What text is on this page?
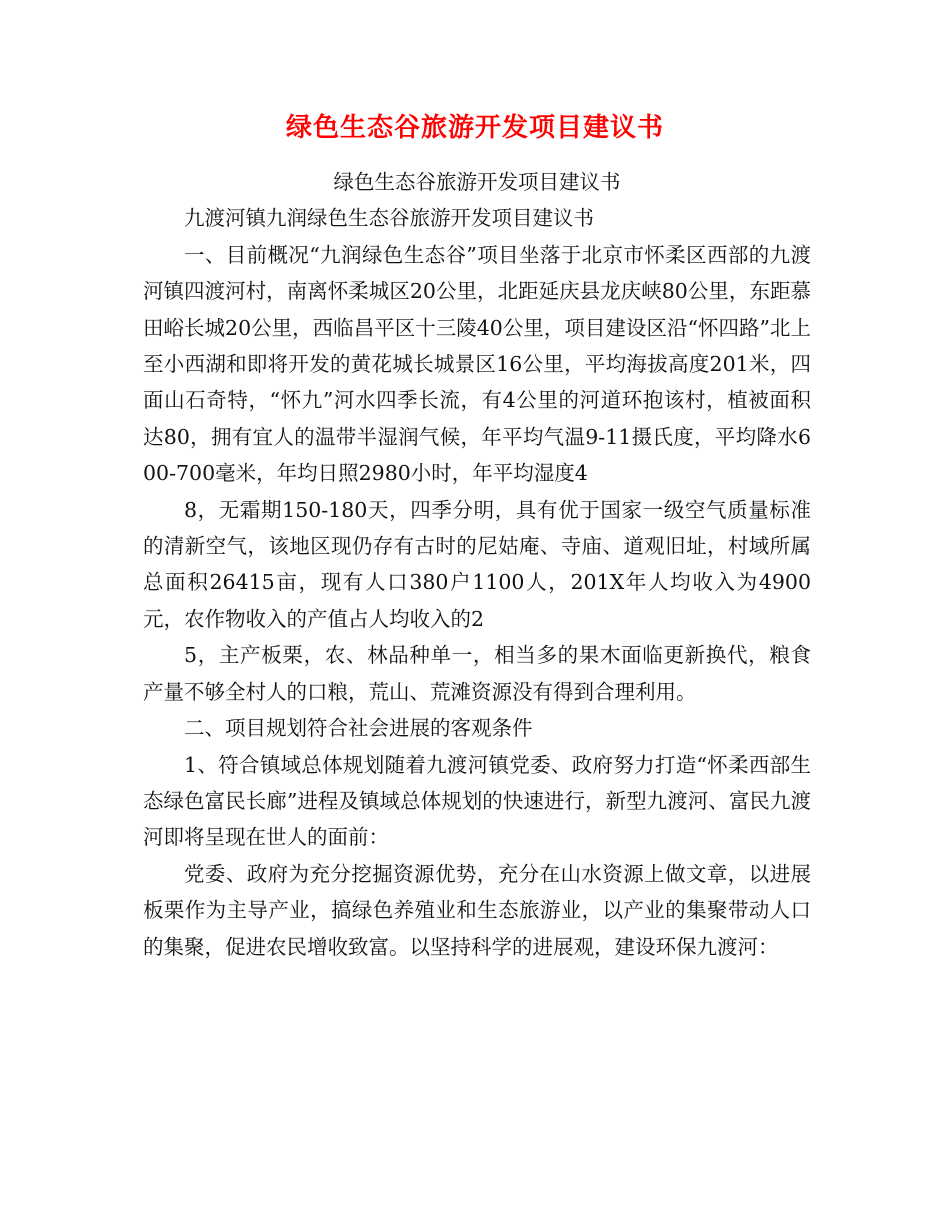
绿色生态谷旅游开发项目建议书

绿色生态谷旅游开发项目建议书

九渡河镇九润绿色生态谷旅游开发项目建议书

一、目前概况“九润绿色生态谷”项目坐落于北京市怀柔区西部的九渡河镇四渡河村，南离怀柔城区20公里，北距延庆县龙庆峡80公里，东距慕田峪长城20公里，西临昌平区十三陵40公里，项目建设区沿“怀四路”北上至小西湖和即将开发的黄花城长城景区16公里，平均海拔高度201米，四面山石奇特，“怀九”河水四季长流，有4公里的河道环抱该村，植被面积达80，拥有宜人的温带半湿润气候，年平均气温9-11摄氏度，平均降水600-700毫米，年均日照2980小时，年平均湿度4

8，无霜期150-180天，四季分明，具有优于国家一级空气质量标准的清新空气，该地区现仍存有古时的尼姑庵、寺庙、道观旧址，村域所属总面积26415亩，现有人口380户1100人，201X年人均收入为4900元，农作物收入的产值占人均收入的2

5，主产板栗，农、林品种单一，相当多的果木面临更新换代，粮食产量不够全村人的口粮，荒山、荒滩资源没有得到合理利用。

二、项目规划符合社会进展的客观条件

1、符合镇域总体规划随着九渡河镇党委、政府努力打造“怀柔西部生态绿色富民长廊”进程及镇域总体规划的快速进行，新型九渡河、富民九渡河即将呈现在世人的面前：

党委、政府为充分挖掘资源优势，充分在山水资源上做文章，以进展板栗作为主导产业，搞绿色养殖业和生态旅游业，以产业的集聚带动人口的集聚，促进农民增收致富。以坚持科学的进展观，建设环保九渡河：
